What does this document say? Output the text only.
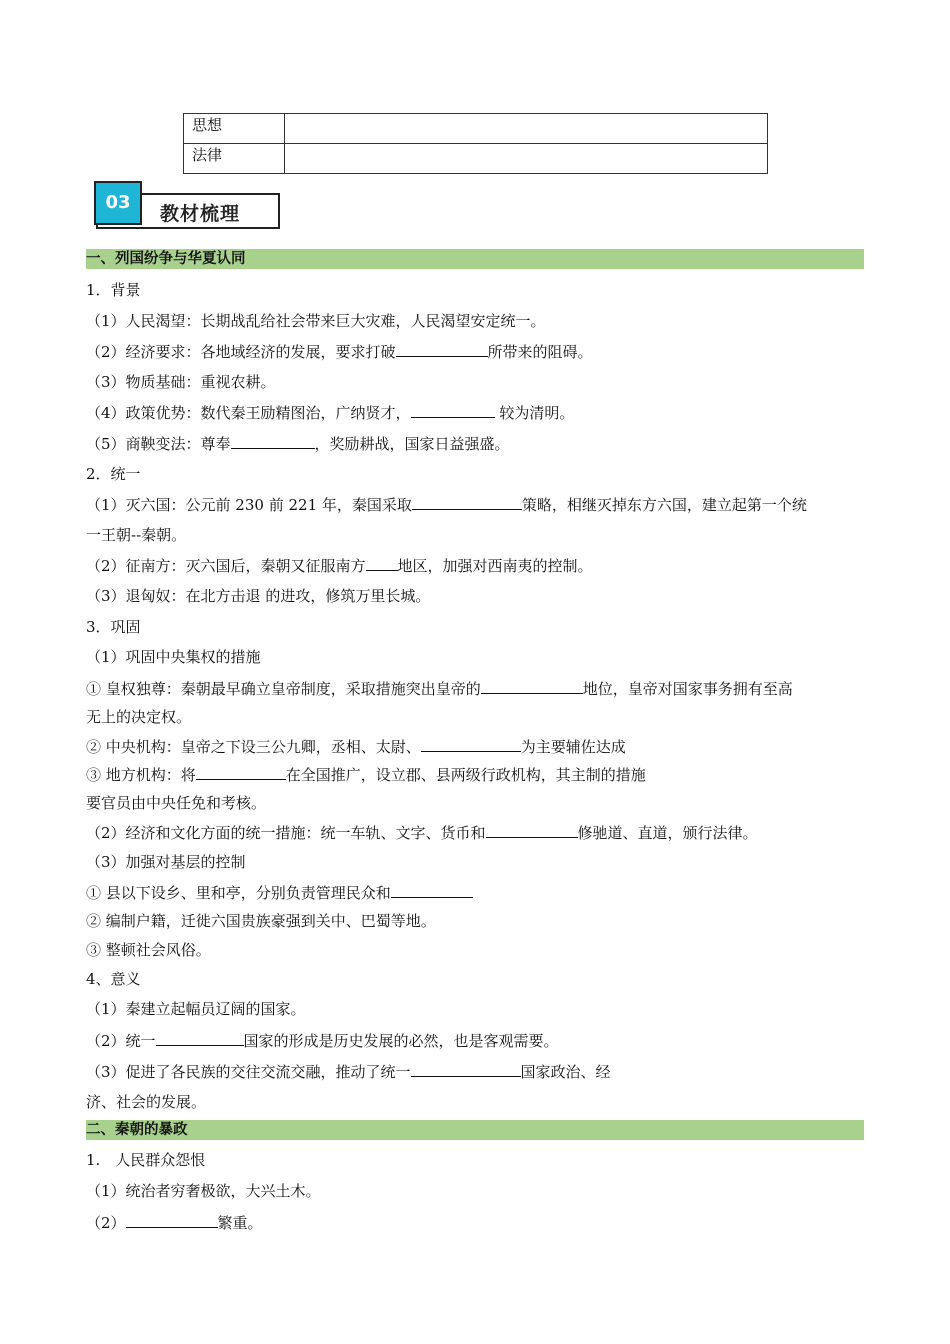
思想	
法律	
03
教材梳理
一、列国纷争与华夏认同
1．背景
（1）人民渴望：长期战乱给社会带来巨大灾难，人民渴望安定统一。
（2）经济要求：各地域经济的发展，要求打破	所带来的阻碍。
（3）物质基础：重视农耕。
（4）政策优势：数代秦王励精图治，广纳贤才，	较为清明。
（5）商鞅变法：尊奉	，奖励耕战，国家日益强盛。
2．统一
（1）灭六国：公元前 230 前 221 年，秦国采取	策略，相继灭掉东方六国，建立起第一个统
一王朝--秦朝。
（2）征南方：灭六国后，秦朝又征服南方 地区，加强对西南夷的控制。
（3）退匈奴：在北方击退 的进攻，修筑万里长城。
3．巩固
（1）巩固中央集权的措施
① 皇权独尊：秦朝最早确立皇帝制度，采取措施突出皇帝的	地位，皇帝对国家事务拥有至高
无上的决定权。
② 中央机构：皇帝之下设三公九卿，丞相、太尉、	为主要辅佐达成
③ 地方机构：将	在全国推广，设立郡、县两级行政机构，其主制的措施
要官员由中央任免和考核。
（2）经济和文化方面的统一措施：统一车轨、文字、货币和	修驰道、直道，颁行法律。
（3）加强对基层的控制
① 县以下设乡、里和亭，分别负责管理民众和
② 编制户籍，迁徙六国贵族豪强到关中、巴蜀等地。
③ 整顿社会风俗。
4、意义
（1）秦建立起幅员辽阔的国家。
（2）统一	国家的形成是历史发展的必然，也是客观需要。
（3）促进了各民族的交往交流交融，推动了统一	国家政治、经
济、社会的发展。
二、秦朝的暴政
1.　人民群众怨恨
（1）统治者穷奢极欲，大兴土木。
（2）	繁重。
